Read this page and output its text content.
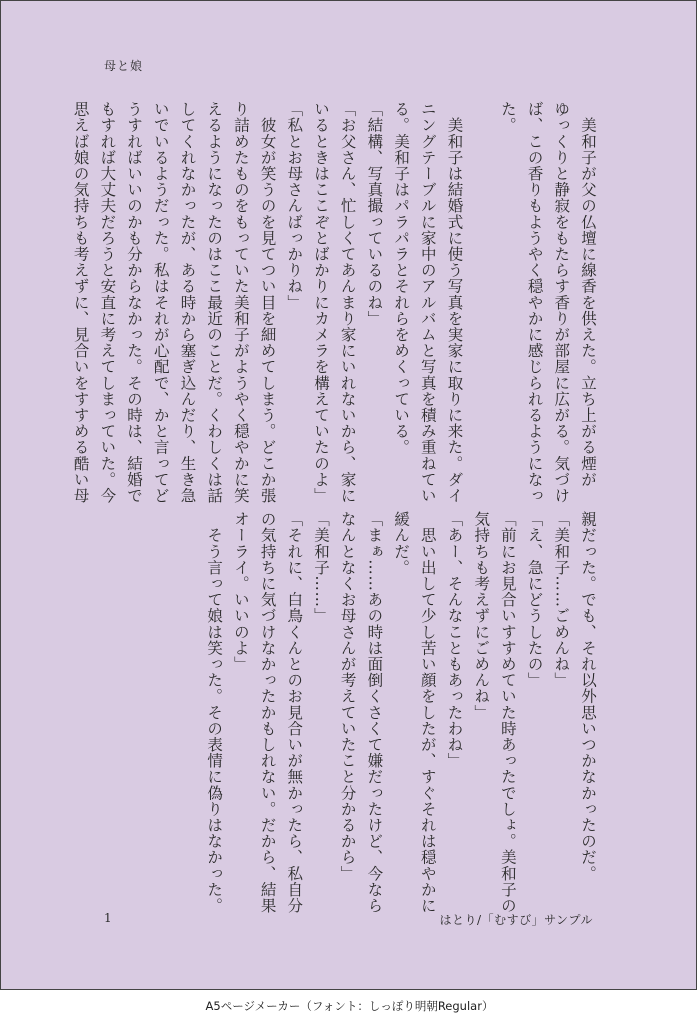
母と娘
　美和子が父の仏壇に線香を供えた。立ち上がる煙が
ゆっくりと静寂をもたらす香りが部屋に広がる。気づけ
ば、この香りもようやく穏やかに感じられるようになっ
た。

　美和子は結婚式に使う写真を実家に取りに来た。ダイ
ニングテーブルに家中のアルバムと写真を積み重ねてい
る。美和子はパラパラとそれらをめくっている。
「結構、写真撮っているのね」
「お父さん、忙しくてあんまり家にいれないから、家に
いるときはここぞとばかりにカメラを構えていたのよ」
「私とお母さんばっかりね」
　彼女が笑うのを見てつい目を細めてしまう。どこか張
り詰めたものをもっていた美和子がようやく穏やかに笑
えるようになったのはここ最近のことだ。くわしくは話
してくれなかったが、ある時から塞ぎ込んだり、生き急
いでいるようだった。私はそれが心配で、かと言ってど
うすればいいのかも分からなかった。その時は、結婚で
もすれば大丈夫だろうと安直に考えてしまっていた。今
思えば娘の気持ちも考えずに、見合いをすすめる酷い母
親だった。でも、それ以外思いつかなかったのだ。
「美和子……ごめんね」
「え、急にどうしたの」
「前にお見合いすすめていた時あったでしょ。美和子の
気持ちも考えずにごめんね」
「あー、そんなこともあったわね」
　思い出して少し苦い顔をしたが、すぐそれは穏やかに
緩んだ。
「まぁ……あの時は面倒くさくて嫌だったけど、今なら
なんとなくお母さんが考えていたこと分かるから」
「美和子……」
「それに、白鳥くんとのお見合いが無かったら、私自分
の気持ちに気づけなかったかもしれない。だから、結果
オーライ。いいのよ」
　そう言って娘は笑った。その表情に偽りはなかった。
1	はとり/「むすび」サンプル
A5ページメーカー（フォント：しっぽり明朝Regular）
